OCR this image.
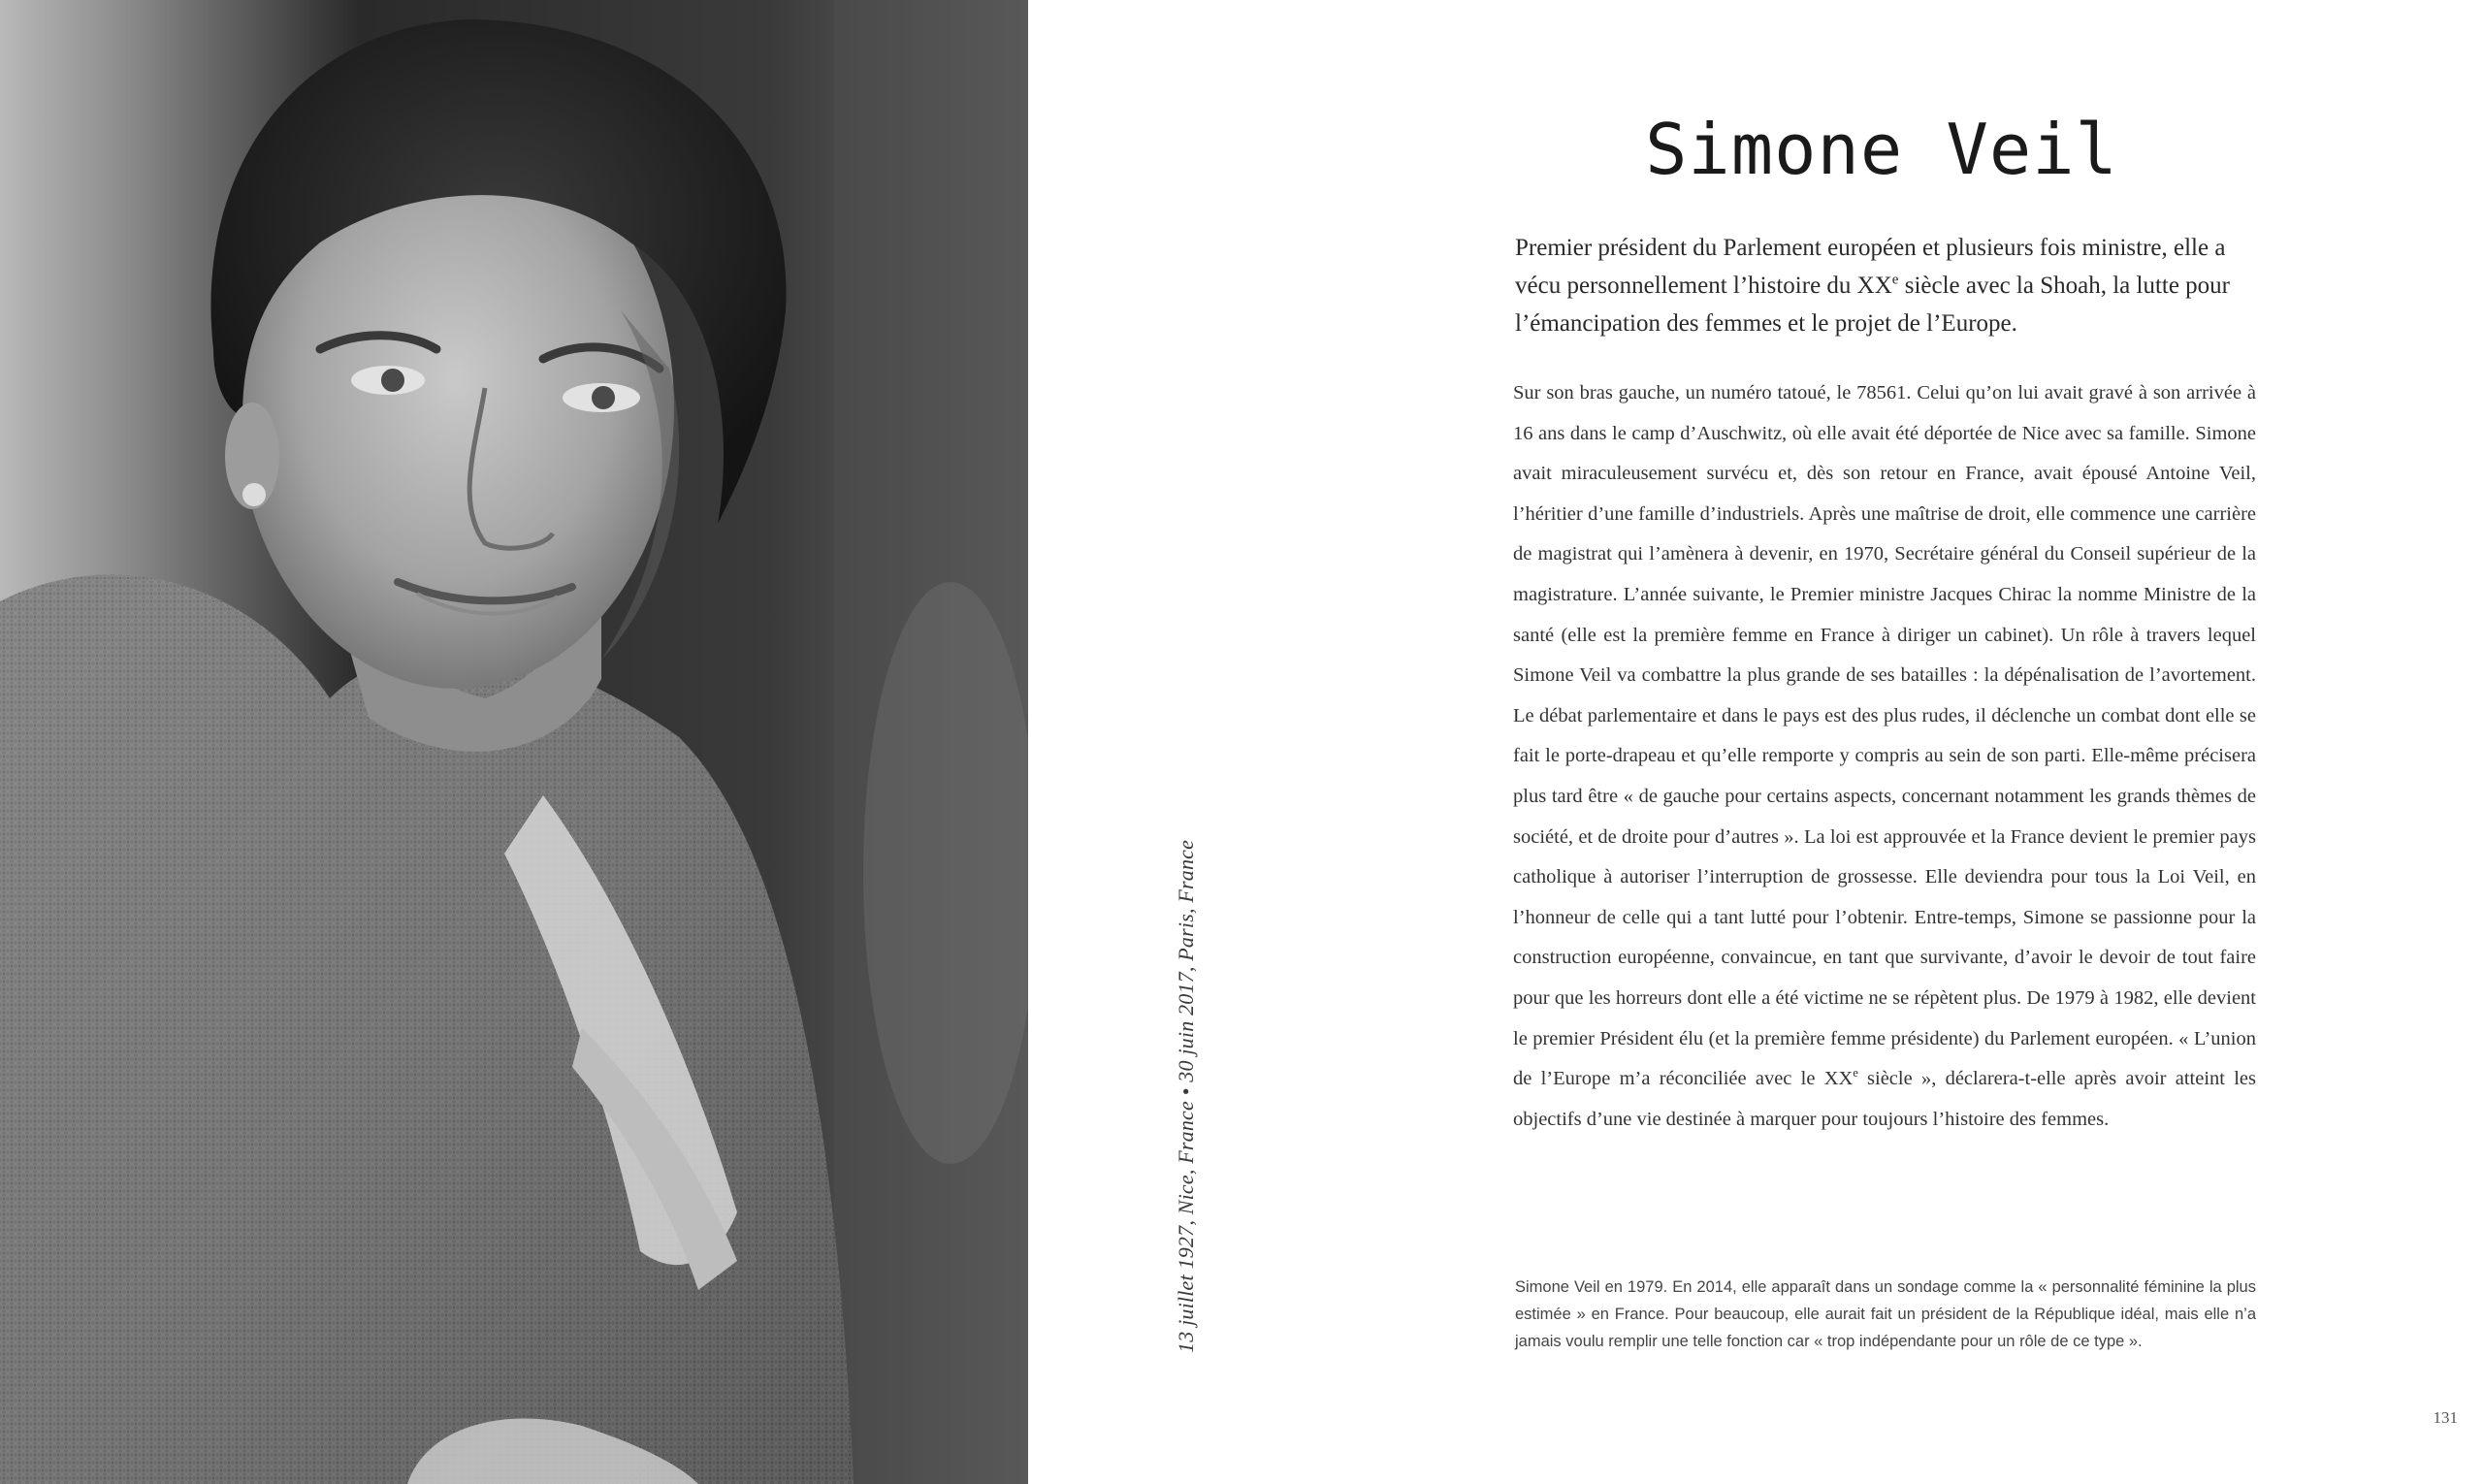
13 juillet 1927, Nice, France • 30 juin 2017, Paris, France
Simone Veil

Premier président du Parlement européen et plusieurs fois ministre, elle a vécu personnellement l’histoire du XXe siècle avec la Shoah, la lutte pour l’émancipation des femmes et le projet de l’Europe.

Sur son bras gauche, un numéro tatoué, le 78561. Celui qu’on lui avait gravé à son arrivée à 16 ans dans le camp d’Auschwitz, où elle avait été déportée de Nice avec sa famille. Simone avait miraculeusement survécu et, dès son retour en France, avait épousé Antoine Veil, l’héritier d’une famille d’industriels. Après une maîtrise de droit, elle commence une carrière de magistrat qui l’amènera à devenir, en 1970, Secrétaire général du Conseil supérieur de la magistrature. L’année suivante, le Premier ministre Jacques Chirac la nomme Ministre de la santé (elle est la première femme en France à diriger un cabinet). Un rôle à travers lequel Simone Veil va combattre la plus grande de ses batailles : la dépénalisation de l’avortement. Le débat parlementaire et dans le pays est des plus rudes, il déclenche un combat dont elle se fait le porte-drapeau et qu’elle remporte y compris au sein de son parti. Elle-même précisera plus tard être « de gauche pour certains aspects, concernant notamment les grands thèmes de société, et de droite pour d’autres ». La loi est approuvée et la France devient le premier pays catholique à autoriser l’interruption de grossesse. Elle deviendra pour tous la Loi Veil, en l’honneur de celle qui a tant lutté pour l’obtenir. Entre-temps, Simone se passionne pour la construction européenne, convaincue, en tant que survivante, d’avoir le devoir de tout faire pour que les horreurs dont elle a été victime ne se répètent plus. De 1979 à 1982, elle devient le premier Président élu (et la première femme présidente) du Parlement européen. « L’union de l’Europe m’a réconciliée avec le XXe siècle », déclarera-t-elle après avoir atteint les objectifs d’une vie destinée à marquer pour toujours l’histoire des femmes.

Simone Veil en 1979. En 2014, elle apparaît dans un sondage comme la « personnalité féminine la plus estimée » en France. Pour beaucoup, elle aurait fait un président de la République idéal, mais elle n’a jamais voulu remplir une telle fonction car « trop indépendante pour un rôle de ce type ».

131
